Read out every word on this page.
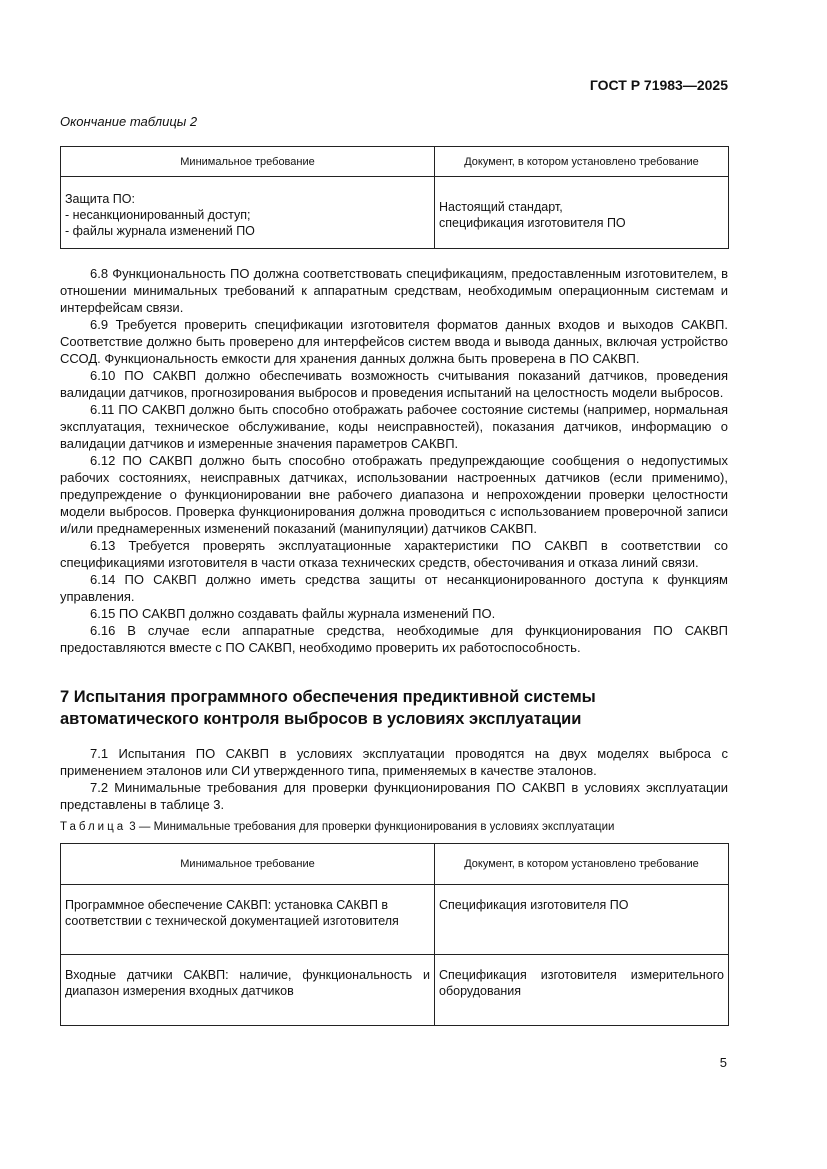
ГОСТ Р 71983—2025
Окончание таблицы 2
Минимальное требование	Документ, в котором установлено требование

Защита ПО:
- несанкционированный доступ;
- файлы журнала изменений ПО	Настоящий стандарт,
спецификация изготовителя ПО

6.8 Функциональность ПО должна соответствовать спецификациям, предоставленным изготовителем, в отношении минимальных требований к аппаратным средствам, необходимым операционным системам и интерфейсам связи.

6.9 Требуется проверить спецификации изготовителя форматов данных входов и выходов САКВП. Соответствие должно быть проверено для интерфейсов систем ввода и вывода данных, включая устройство ССОД. Функциональность емкости для хранения данных должна быть проверена в ПО САКВП.

6.10 ПО САКВП должно обеспечивать возможность считывания показаний датчиков, проведения валидации датчиков, прогнозирования выбросов и проведения испытаний на целостность модели выбросов.

6.11 ПО САКВП должно быть способно отображать рабочее состояние системы (например, нормальная эксплуатация, техническое обслуживание, коды неисправностей), показания датчиков, информацию о валидации датчиков и измеренные значения параметров САКВП.

6.12 ПО САКВП должно быть способно отображать предупреждающие сообщения о недопустимых рабочих состояниях, неисправных датчиках, использовании настроенных датчиков (если применимо), предупреждение о функционировании вне рабочего диапазона и непрохождении проверки целостности модели выбросов. Проверка функционирования должна проводиться с использованием проверочной записи и/или преднамеренных изменений показаний (манипуляции) датчиков САКВП.

6.13 Требуется проверять эксплуатационные характеристики ПО САКВП в соответствии со спецификациями изготовителя в части отказа технических средств, обесточивания и отказа линий связи.

6.14 ПО САКВП должно иметь средства защиты от несанкционированного доступа к функциям управления.

6.15 ПО САКВП должно создавать файлы журнала изменений ПО.

6.16 В случае если аппаратные средства, необходимые для функционирования ПО САКВП предоставляются вместе с ПО САКВП, необходимо проверить их работоспособность.

7 Испытания программного обеспечения предиктивной системы автоматического контроля выбросов в условиях эксплуатации

7.1 Испытания ПО САКВП в условиях эксплуатации проводятся на двух моделях выброса с применением эталонов или СИ утвержденного типа, применяемых в качестве эталонов.

7.2 Минимальные требования для проверки функционирования ПО САКВП в условиях эксплуатации представлены в таблице 3.

Таблица 3 — Минимальные требования для проверки функционирования в условиях эксплуатации
Минимальное требование	Документ, в котором установлено требование
Программное обеспечение САКВП: установка САКВП в соответствии с технической документацией изготовителя	Спецификация изготовителя ПО
Входные датчики САКВП: наличие, функциональность и диапазон измерения входных датчиков	Спецификация изготовителя измерительного оборудования
5
